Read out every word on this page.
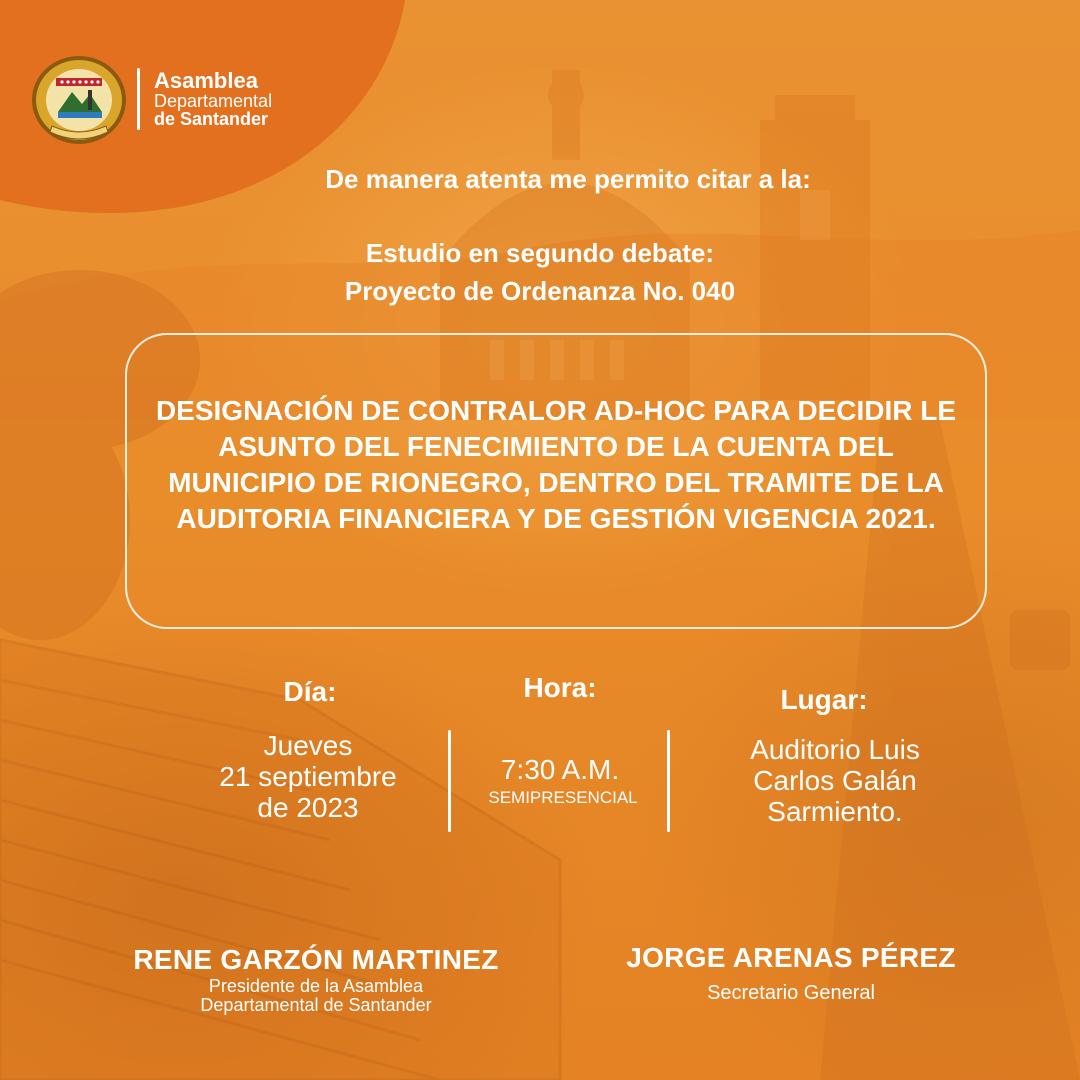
Asamblea
Departamental
de Santander
De manera atenta me permito citar a la:
Estudio en segundo debate:
Proyecto de Ordenanza No. 040
DESIGNACIÓN DE CONTRALOR AD-HOC PARA DECIDIR LE ASUNTO DEL FENECIMIENTO DE LA CUENTA DEL MUNICIPIO DE RIONEGRO, DENTRO DEL TRAMITE DE LA AUDITORIA FINANCIERA Y DE GESTIÓN VIGENCIA 2021.
Día:
Jueves
21 septiembre
de 2023
Hora:
7:30 A.M.
SEMIPRESENCIAL
Lugar:
Auditorio Luis
Carlos Galán
Sarmiento.
RENE GARZÓN MARTINEZ
Presidente de la Asamblea
Departamental de Santander
JORGE ARENAS PÉREZ
Secretario General
